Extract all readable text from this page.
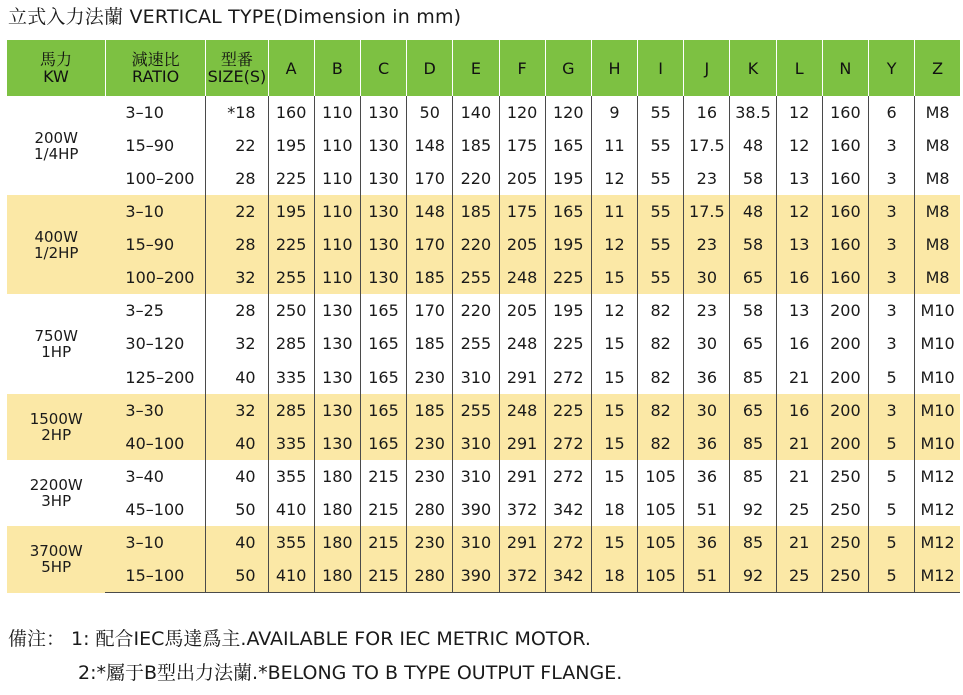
立式入力法蘭 VERTICAL TYPE(Dimension in mm)
馬力
KW	減速比
RATIO	型番
SIZE(S)	A	B	C	D	E	F	G	H	I	J	K	L	N	Y	Z
200W
1/4HP	3–10	*18	160	110	130	50	140	120	120	9	55	16	38.5	12	160	6	M8
	15–90	22	195	110	130	148	185	175	165	11	55	17.5	48	12	160	3	M8
	100–200	28	225	110	130	170	220	205	195	12	55	23	58	13	160	3	M8
400W
1/2HP	3–10	22	195	110	130	148	185	175	165	11	55	17.5	48	12	160	3	M8
	15–90	28	225	110	130	170	220	205	195	12	55	23	58	13	160	3	M8
	100–200	32	255	110	130	185	255	248	225	15	55	30	65	16	160	3	M8
750W
1HP	3–25	28	250	130	165	170	220	205	195	12	82	23	58	13	200	3	M10
	30–120	32	285	130	165	185	255	248	225	15	82	30	65	16	200	3	M10
	125–200	40	335	130	165	230	310	291	272	15	82	36	85	21	200	5	M10
1500W
2HP	3–30	32	285	130	165	185	255	248	225	15	82	30	65	16	200	3	M10
	40–100	40	335	130	165	230	310	291	272	15	82	36	85	21	200	5	M10
2200W
3HP	3–40	40	355	180	215	230	310	291	272	15	105	36	85	21	250	5	M12
	45–100	50	410	180	215	280	390	372	342	18	105	51	92	25	250	5	M12
3700W
5HP	3–10	40	355	180	215	230	310	291	272	15	105	36	85	21	250	5	M12
	15–100	50	410	180	215	280	390	372	342	18	105	51	92	25	250	5	M12
備注： 1: 配合IEC馬達爲主.AVAILABLE FOR IEC METRIC MOTOR.
2:*屬于B型出力法蘭.*BELONG TO B TYPE OUTPUT FLANGE.
